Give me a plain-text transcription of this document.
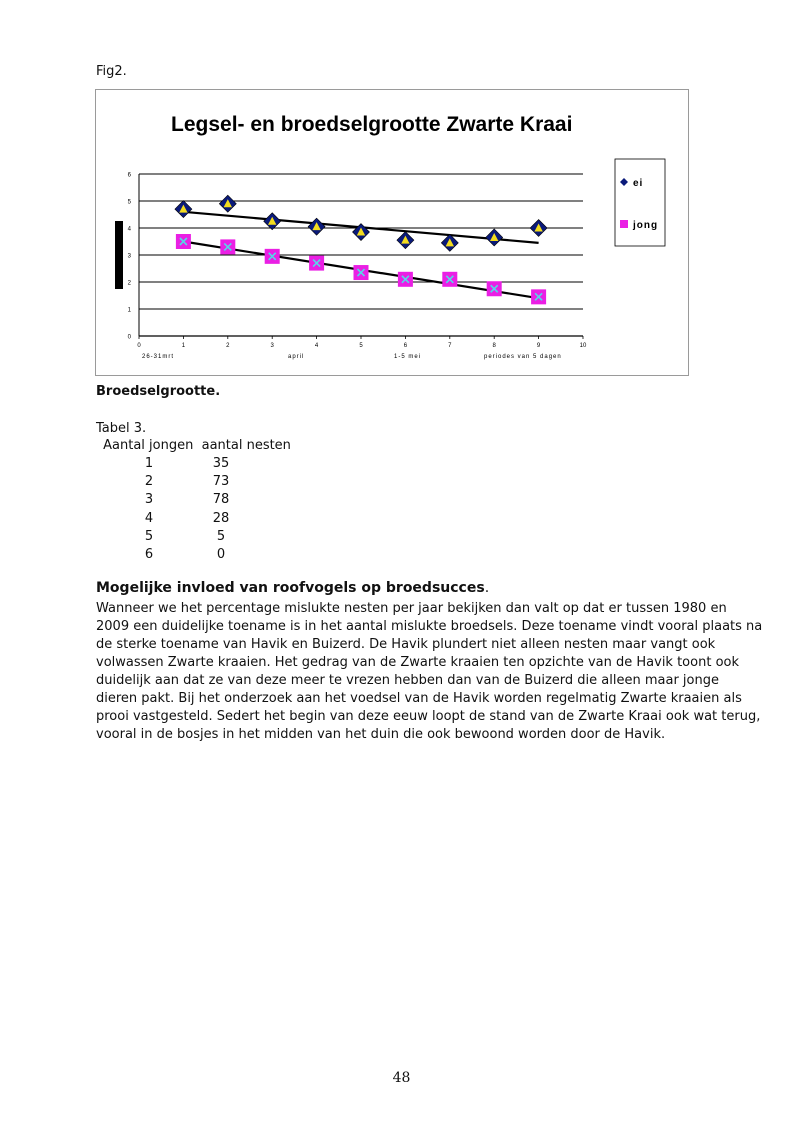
Fig2.
Legsel- en broedselgrootte Zwarte Kraai
0
1
2
3
4
5
6
0	1	2	3	4	5	6	7	8	9	10
26-31mrt	april	1-5 mei	periodes van 5 dagen
ei
jong
Broedselgrootte.
Tabel 3.
Aantal jongen  aantal nesten
1	35
2	73
3	78
4	28
5	5
6	0
Mogelijke invloed van roofvogels op broedsucces.
Wanneer we het percentage mislukte nesten per jaar bekijken dan valt op dat er tussen 1980 en
2009 een duidelijke toename is in het aantal mislukte broedsels. Deze toename vindt vooral plaats na
de sterke toename van Havik en Buizerd. De Havik plundert niet alleen nesten maar vangt ook
volwassen Zwarte kraaien. Het gedrag van de Zwarte kraaien ten opzichte van de Havik toont ook
duidelijk aan dat ze van deze meer te vrezen hebben dan van de Buizerd die alleen maar jonge
dieren pakt. Bij het onderzoek aan het voedsel van de Havik worden regelmatig Zwarte kraaien als
prooi vastgesteld. Sedert het begin van deze eeuw loopt de stand van de Zwarte Kraai ook wat terug,
vooral in de bosjes in het midden van het duin die ook bewoond worden door de Havik.
48
